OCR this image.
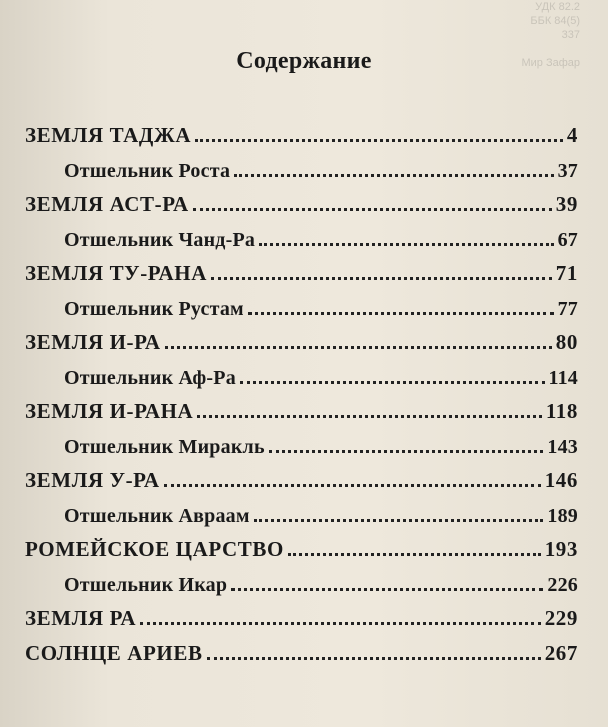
УДК 82.2
ББК 84(5)
337

Мир Зафар
Содержание
ЗЕМЛЯ ТАДЖА	4
Отшельник Роста	37
ЗЕМЛЯ АСТ-РА	39
Отшельник Чанд-Ра	67
ЗЕМЛЯ ТУ-РАНА	71
Отшельник Рустам	77
ЗЕМЛЯ И-РА	80
Отшельник Аф-Ра	114
ЗЕМЛЯ И-РАНА	118
Отшельник Миракль	143
ЗЕМЛЯ У-РА	146
Отшельник Авраам	189
РОМЕЙСКОЕ ЦАРСТВО	193
Отшельник Икар	226
ЗЕМЛЯ РА	229
СОЛНЦЕ АРИЕВ	267
